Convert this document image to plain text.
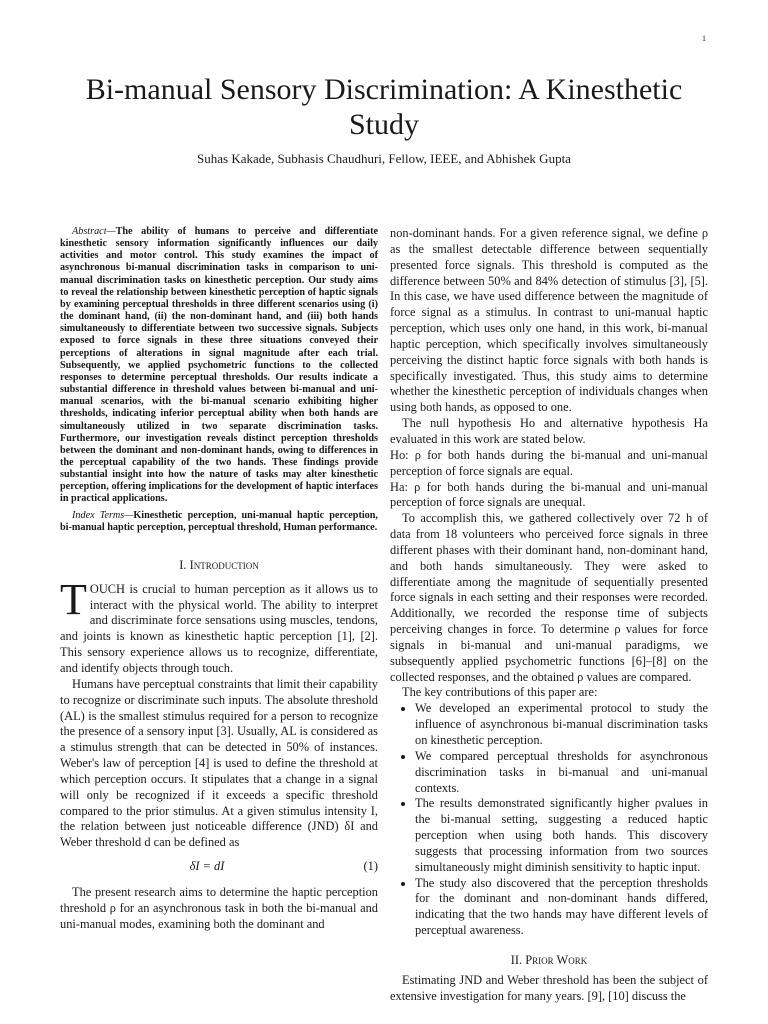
1
Bi-manual Sensory Discrimination: A Kinesthetic Study
Suhas Kakade, Subhasis Chaudhuri, Fellow, IEEE, and Abhishek Gupta

Abstract—The ability of humans to perceive and differentiate kinesthetic sensory information significantly influences our daily activities and motor control. This study examines the impact of asynchronous bi-manual discrimination tasks in comparison to uni-manual discrimination tasks on kinesthetic perception. Our study aims to reveal the relationship between kinesthetic perception of haptic signals by examining perceptual thresholds in three different scenarios using (i) the dominant hand, (ii) the non-dominant hand, and (iii) both hands simultaneously to differentiate between two successive signals. Subjects exposed to force signals in these three situations conveyed their perceptions of alterations in signal magnitude after each trial. Subsequently, we applied psychometric functions to the collected responses to determine perceptual thresholds. Our results indicate a substantial difference in threshold values between bi-manual and uni-manual scenarios, with the bi-manual scenario exhibiting higher thresholds, indicating inferior perceptual ability when both hands are simultaneously utilized in two separate discrimination tasks. Furthermore, our investigation reveals distinct perception thresholds between the dominant and non-dominant hands, owing to differences in the perceptual capability of the two hands. These findings provide substantial insight into how the nature of tasks may alter kinesthetic perception, offering implications for the development of haptic interfaces in practical applications.

Index Terms—Kinesthetic perception, uni-manual haptic perception, bi-manual haptic perception, perceptual threshold, Human performance.

I. Introduction

TOUCH is crucial to human perception as it allows us to interact with the physical world. The ability to interpret and discriminate force sensations using muscles, tendons, and joints is known as kinesthetic haptic perception [1], [2]. This sensory experience allows us to recognize, differentiate, and identify objects through touch.

Humans have perceptual constraints that limit their capability to recognize or discriminate such inputs. The absolute threshold (AL) is the smallest stimulus required for a person to recognize the presence of a sensory input [3]. Usually, AL is considered as a stimulus strength that can be detected in 50% of instances. Weber's law of perception [4] is used to define the threshold at which perception occurs. It stipulates that a change in a signal will only be recognized if it exceeds a specific threshold compared to the prior stimulus. At a given stimulus intensity I, the relation between just noticeable difference (JND) δI and Weber threshold d can be defined as

δI = dI	(1)

The present research aims to determine the haptic perception threshold ρ for an asynchronous task in both the bi-manual and uni-manual modes, examining both the dominant and

non-dominant hands. For a given reference signal, we define ρ as the smallest detectable difference between sequentially presented force signals. This threshold is computed as the difference between 50% and 84% detection of stimulus [3], [5]. In this case, we have used difference between the magnitude of force signal as a stimulus. In contrast to uni-manual haptic perception, which uses only one hand, in this work, bi-manual haptic perception, which specifically involves simultaneously perceiving the distinct haptic force signals with both hands is specifically investigated. Thus, this study aims to determine whether the kinesthetic perception of individuals changes when using both hands, as opposed to one.

The null hypothesis Ho and alternative hypothesis Ha evaluated in this work are stated below.

Ho: ρ for both hands during the bi-manual and uni-manual perception of force signals are equal.

Ha: ρ for both hands during the bi-manual and uni-manual perception of force signals are unequal.

To accomplish this, we gathered collectively over 72 h of data from 18 volunteers who perceived force signals in three different phases with their dominant hand, non-dominant hand, and both hands simultaneously. They were asked to differentiate among the magnitude of sequentially presented force signals in each setting and their responses were recorded. Additionally, we recorded the response time of subjects perceiving changes in force. To determine ρ values for force signals in bi-manual and uni-manual paradigms, we subsequently applied psychometric functions [6]–[8] on the collected responses, and the obtained ρ values are compared.

The key contributions of this paper are:

• We developed an experimental protocol to study the influence of asynchronous bi-manual discrimination tasks on kinesthetic perception.
• We compared perceptual thresholds for asynchronous discrimination tasks in bi-manual and uni-manual contexts.
• The results demonstrated significantly higher ρvalues in the bi-manual setting, suggesting a reduced haptic perception when using both hands. This discovery suggests that processing information from two sources simultaneously might diminish sensitivity to haptic input.
• The study also discovered that the perception thresholds for the dominant and non-dominant hands differed, indicating that the two hands may have different levels of perceptual awareness.

II. Prior Work

Estimating JND and Weber threshold has been the subject of extensive investigation for many years. [9], [10] discuss the
